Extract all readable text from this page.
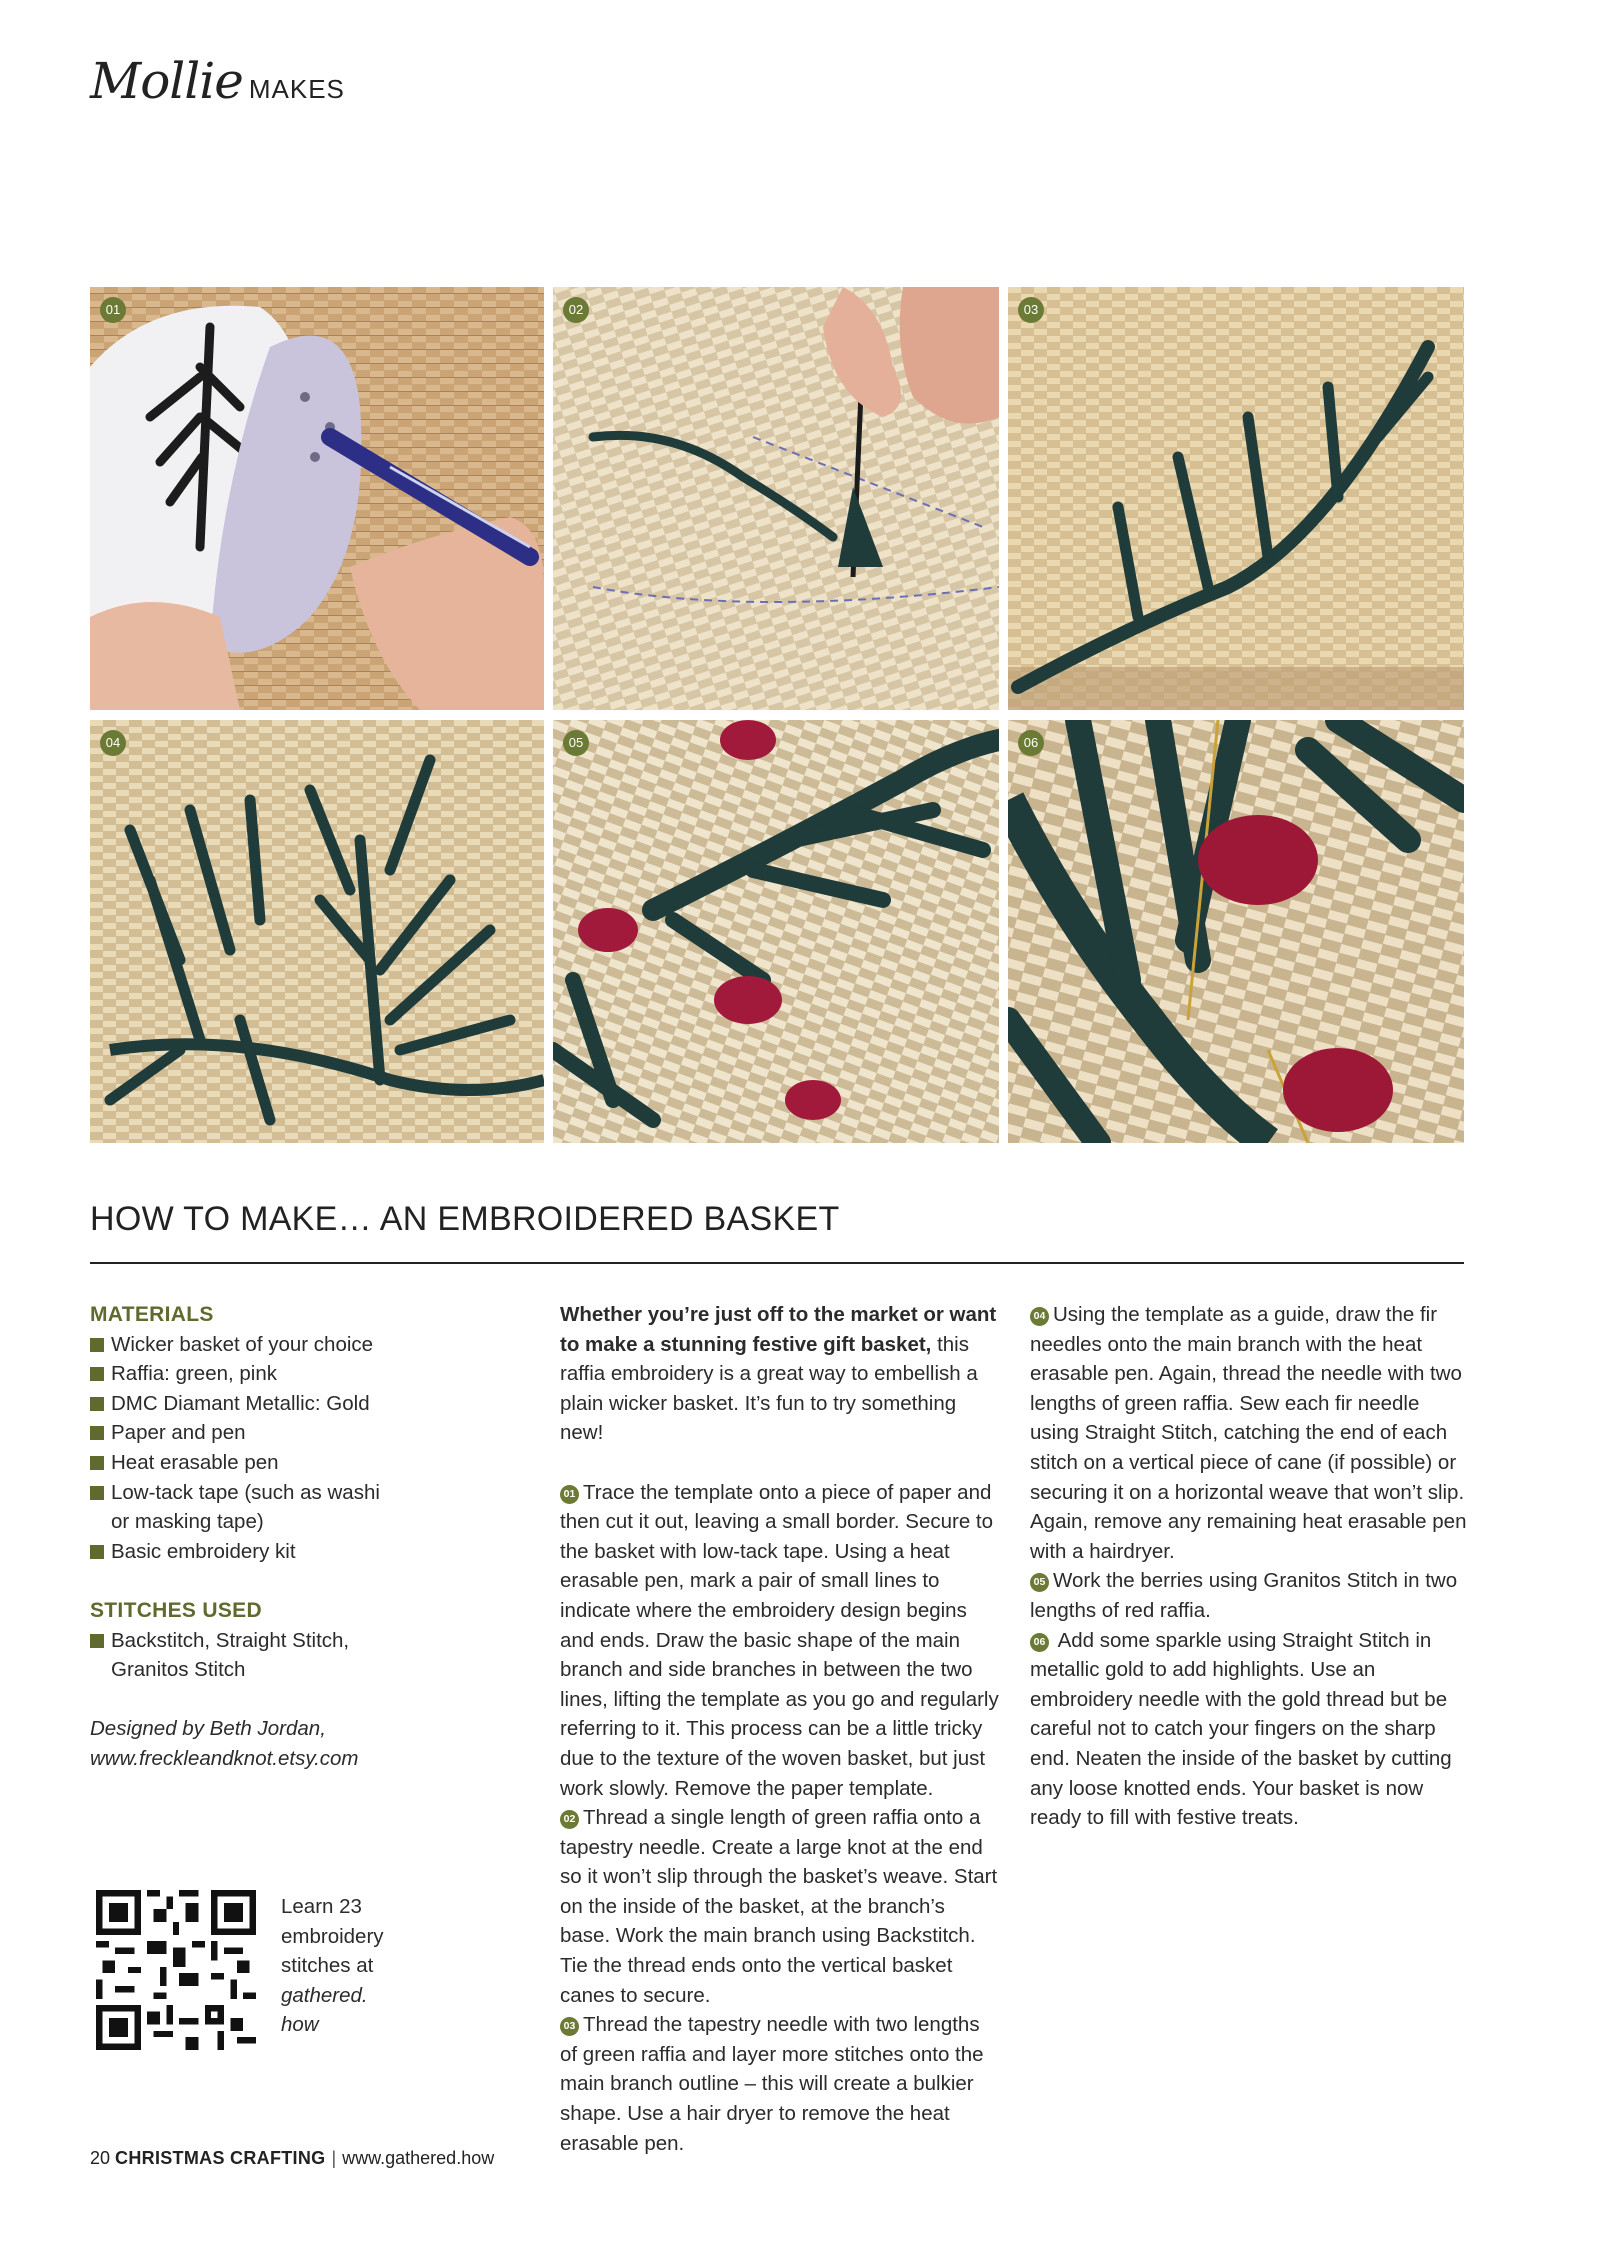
Mollie MAKES
01	02	03
04	05	06
HOW TO MAKE… AN EMBROIDERED BASKET
MATERIALS
Wicker basket of your choice
Raffia: green, pink
DMC Diamant Metallic: Gold
Paper and pen
Heat erasable pen
Low-tack tape (such as washi or masking tape)
Basic embroidery kit
STITCHES USED
Backstitch, Straight Stitch, Granitos Stitch
Designed by Beth Jordan,
www.freckleandknot.etsy.com
Learn 23 embroidery stitches at gathered. how

Whether you’re just off to the market or want to make a stunning festive gift basket, this raffia embroidery is a great way to embellish a plain wicker basket. It’s fun to try something new!

01 Trace the template onto a piece of paper and then cut it out, leaving a small border. Secure to the basket with low-tack tape. Using a heat erasable pen, mark a pair of small lines to indicate where the embroidery design begins and ends. Draw the basic shape of the main branch and side branches in between the two lines, lifting the template as you go and regularly referring to it. This process can be a little tricky due to the texture of the woven basket, but just work slowly. Remove the paper template.

02 Thread a single length of green raffia onto a tapestry needle. Create a large knot at the end so it won’t slip through the basket’s weave. Start on the inside of the basket, at the branch’s base. Work the main branch using Backstitch. Tie the thread ends onto the vertical basket canes to secure.

03 Thread the tapestry needle with two lengths of green raffia and layer more stitches onto the main branch outline – this will create a bulkier shape. Use a hair dryer to remove the heat erasable pen.

04 Using the template as a guide, draw the fir needles onto the main branch with the heat erasable pen. Again, thread the needle with two lengths of green raffia. Sew each fir needle using Straight Stitch, catching the end of each stitch on a vertical piece of cane (if possible) or securing it on a horizontal weave that won’t slip. Again, remove any remaining heat erasable pen with a hairdryer.

05 Work the berries using Granitos Stitch in two lengths of red raffia.

06 Add some sparkle using Straight Stitch in metallic gold to add highlights. Use an embroidery needle with the gold thread but be careful not to catch your fingers on the sharp end. Neaten the inside of the basket by cutting any loose knotted ends. Your basket is now ready to fill with festive treats.

20 CHRISTMAS CRAFTING | www.gathered.how
